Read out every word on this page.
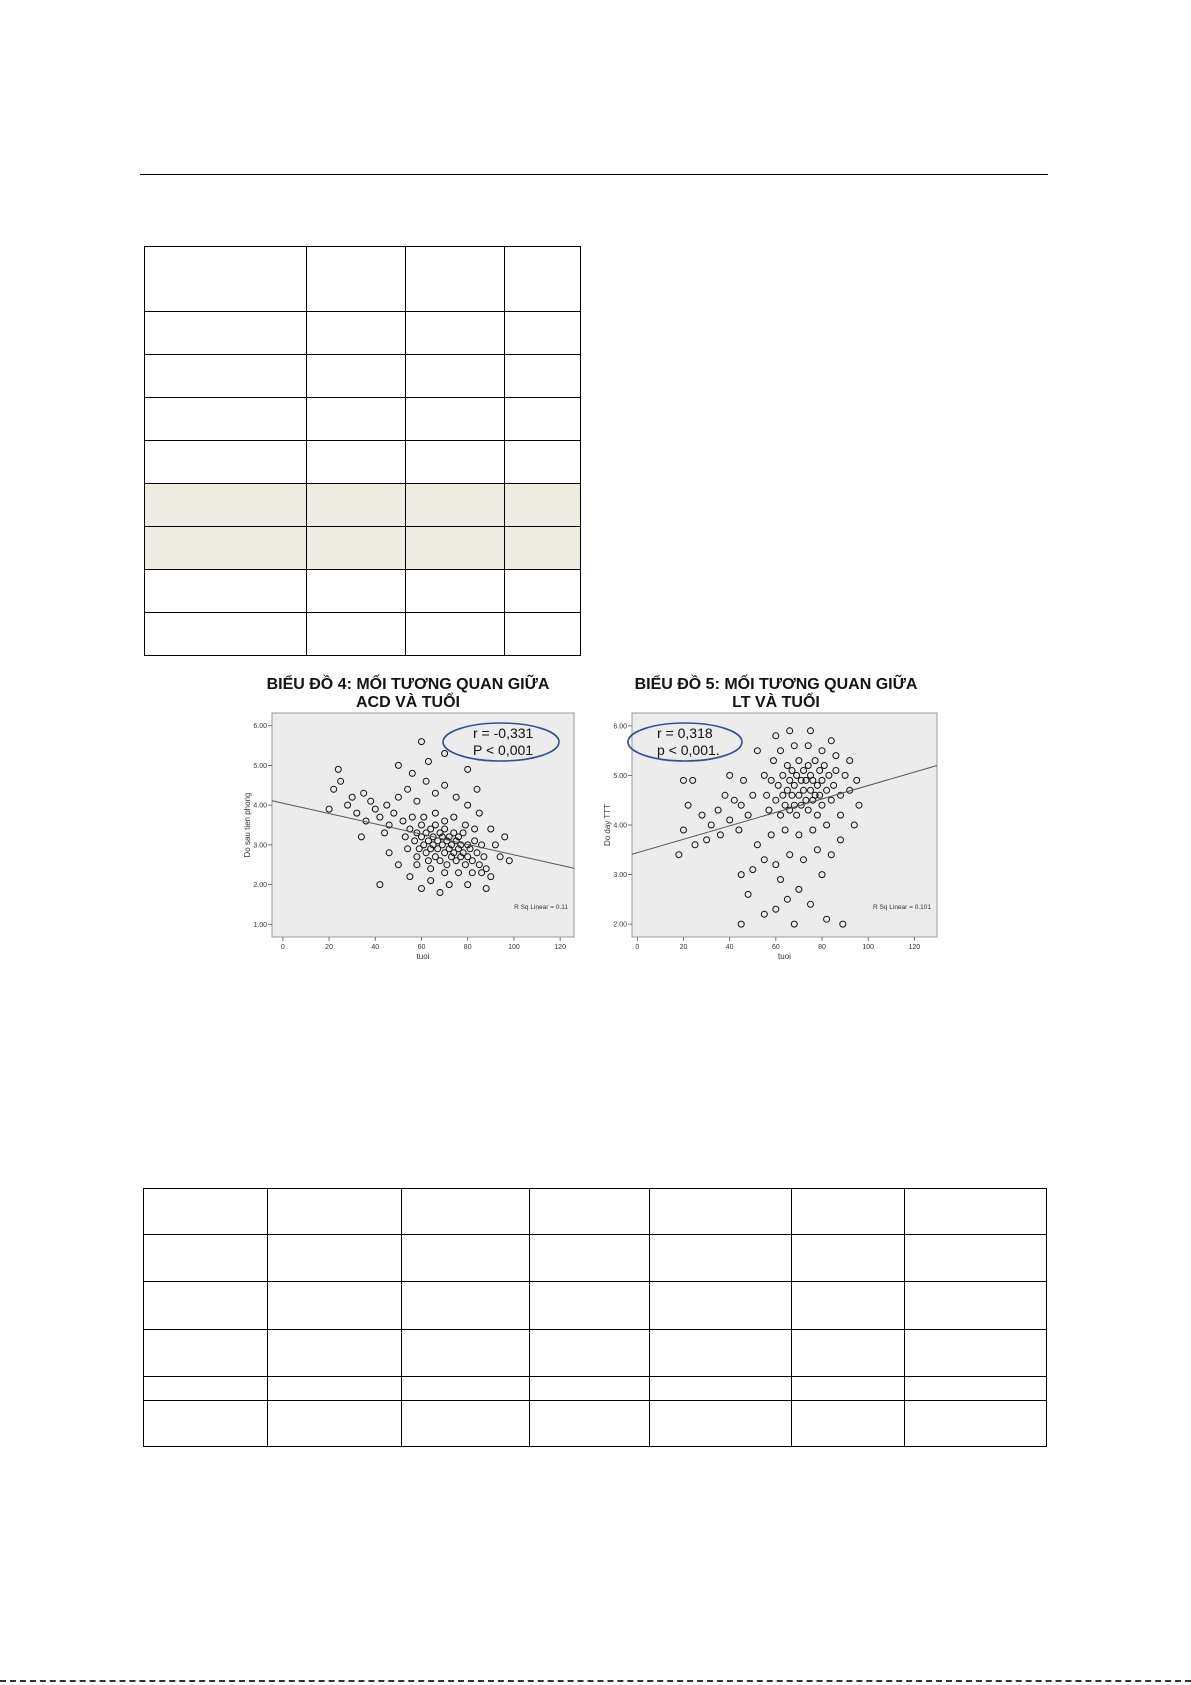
BIỂU ĐỒ 4: MỐI TƯƠNG QUAN GIỮA
ACD VÀ TUỔI
0	20	40	60	80	100	120
1.00
2.00
3.00
4.00
5.00
6.00
tuoi
Do sau tien phong
R Sq Linear = 0.11
r = -0,331
P < 0,001
BIỂU ĐỒ 5: MỐI TƯƠNG QUAN GIỮA
LT VÀ TUỔI
0	20	40	60	80	100	120
2.00
3.00
4.00
5.00
6.00
tuoi
Do day TTT
R Sq Linear = 0.101
r = 0,318
p < 0,001.
